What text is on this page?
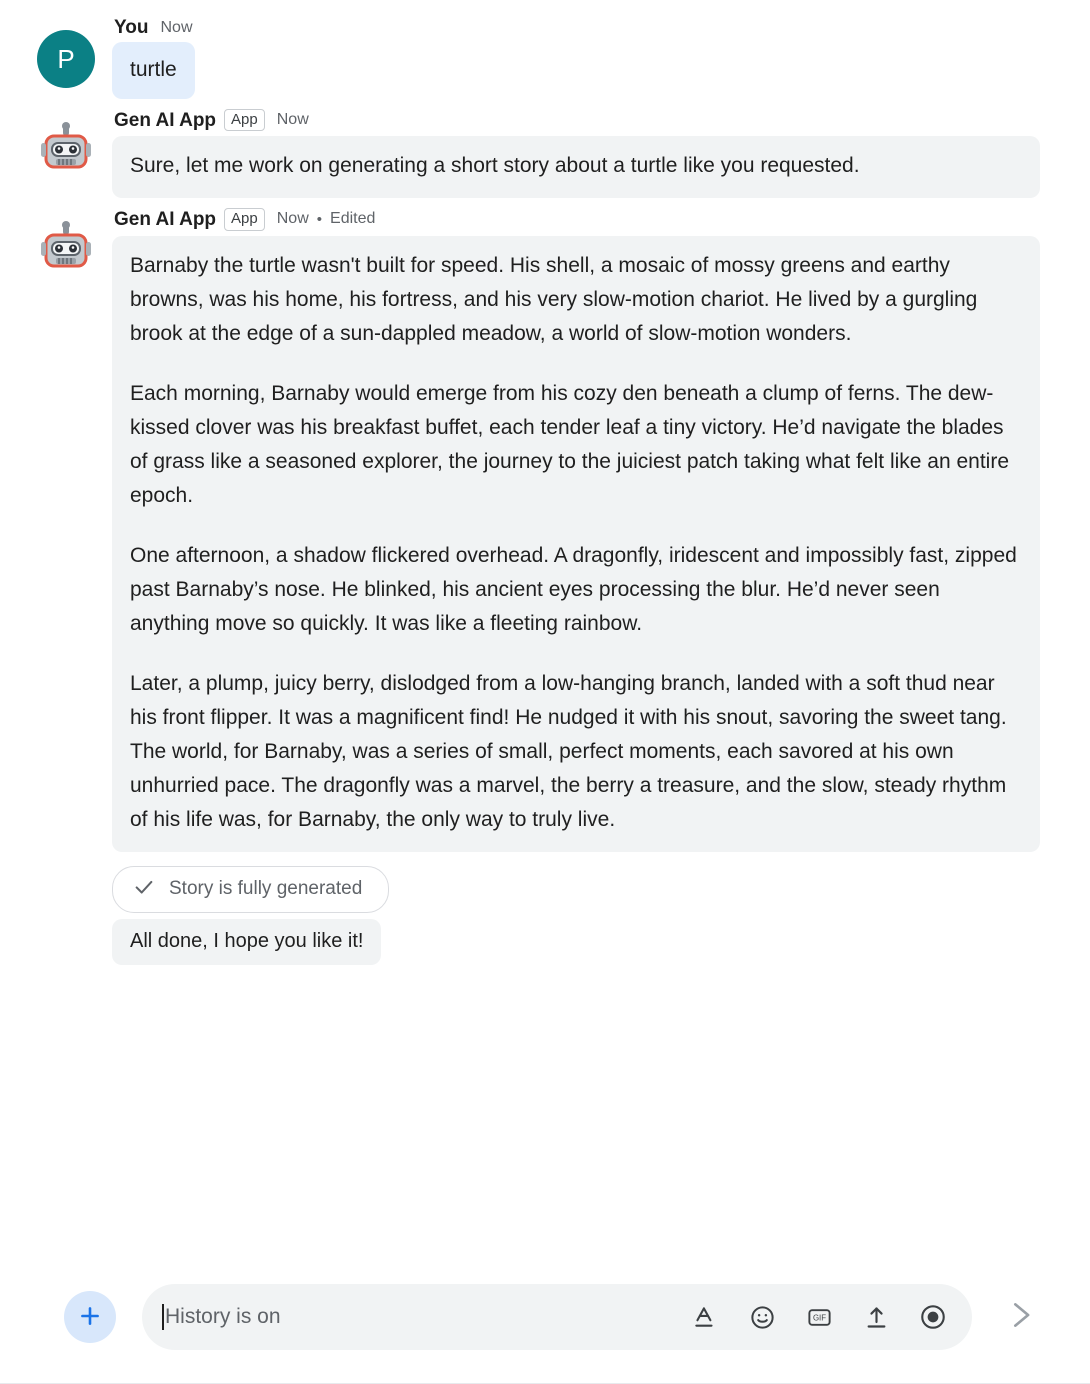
P
You Now
turtle
Gen AI App	App	Now

Sure, let me work on generating a short story about a turtle like you requested.

Gen AI App	App	Now • Edited

Barnaby the turtle wasn't built for speed. His shell, a mosaic of mossy greens and earthy browns, was his home, his fortress, and his very slow-motion chariot. He lived by a gurgling brook at the edge of a sun-dappled meadow, a world of slow-motion wonders.

Each morning, Barnaby would emerge from his cozy den beneath a clump of ferns. The dew-kissed clover was his breakfast buffet, each tender leaf a tiny victory. He’d navigate the blades of grass like a seasoned explorer, the journey to the juiciest patch taking what felt like an entire epoch.

One afternoon, a shadow flickered overhead. A dragonfly, iridescent and impossibly fast, zipped past Barnaby’s nose. He blinked, his ancient eyes processing the blur. He’d never seen anything move so quickly. It was like a fleeting rainbow.

Later, a plump, juicy berry, dislodged from a low-hanging branch, landed with a soft thud near his front flipper. It was a magnificent find! He nudged it with his snout, savoring the sweet tang. The world, for Barnaby, was a series of small, perfect moments, each savored at his own unhurried pace. The dragonfly was a marvel, the berry a treasure, and the slow, steady rhythm of his life was, for Barnaby, the only way to truly live.

Story is fully generated
All done, I hope you like it!
History is on	GIF
